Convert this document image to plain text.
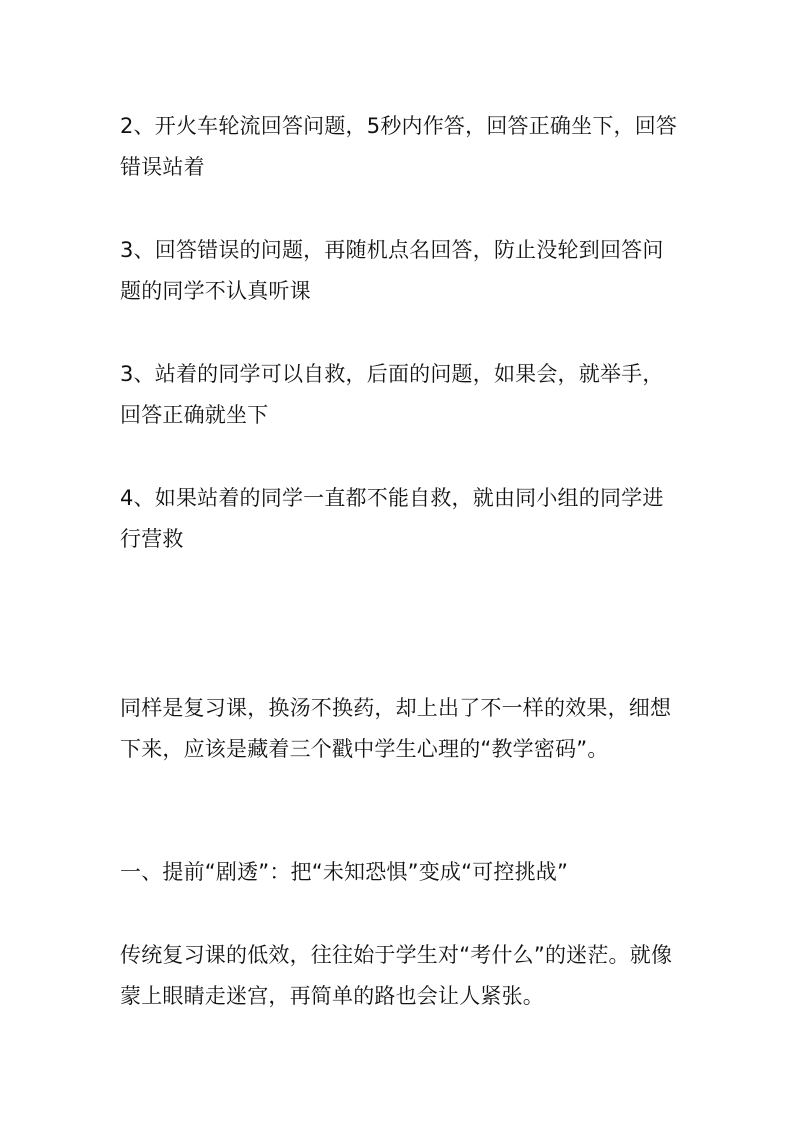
2、开火车轮流回答问题，5秒内作答，回答正确坐下，回答错误站着

3、回答错误的问题，再随机点名回答，防止没轮到回答问题的同学不认真听课

3、站着的同学可以自救，后面的问题，如果会，就举手，回答正确就坐下

4、如果站着的同学一直都不能自救，就由同小组的同学进行营救

同样是复习课，换汤不换药，却上出了不一样的效果，细想下来，应该是藏着三个戳中学生心理的“教学密码”。

一、提前“剧透”：把“未知恐惧”变成“可控挑战”

传统复习课的低效，往往始于学生对“考什么”的迷茫。就像蒙上眼睛走迷宫，再简单的路也会让人紧张。
